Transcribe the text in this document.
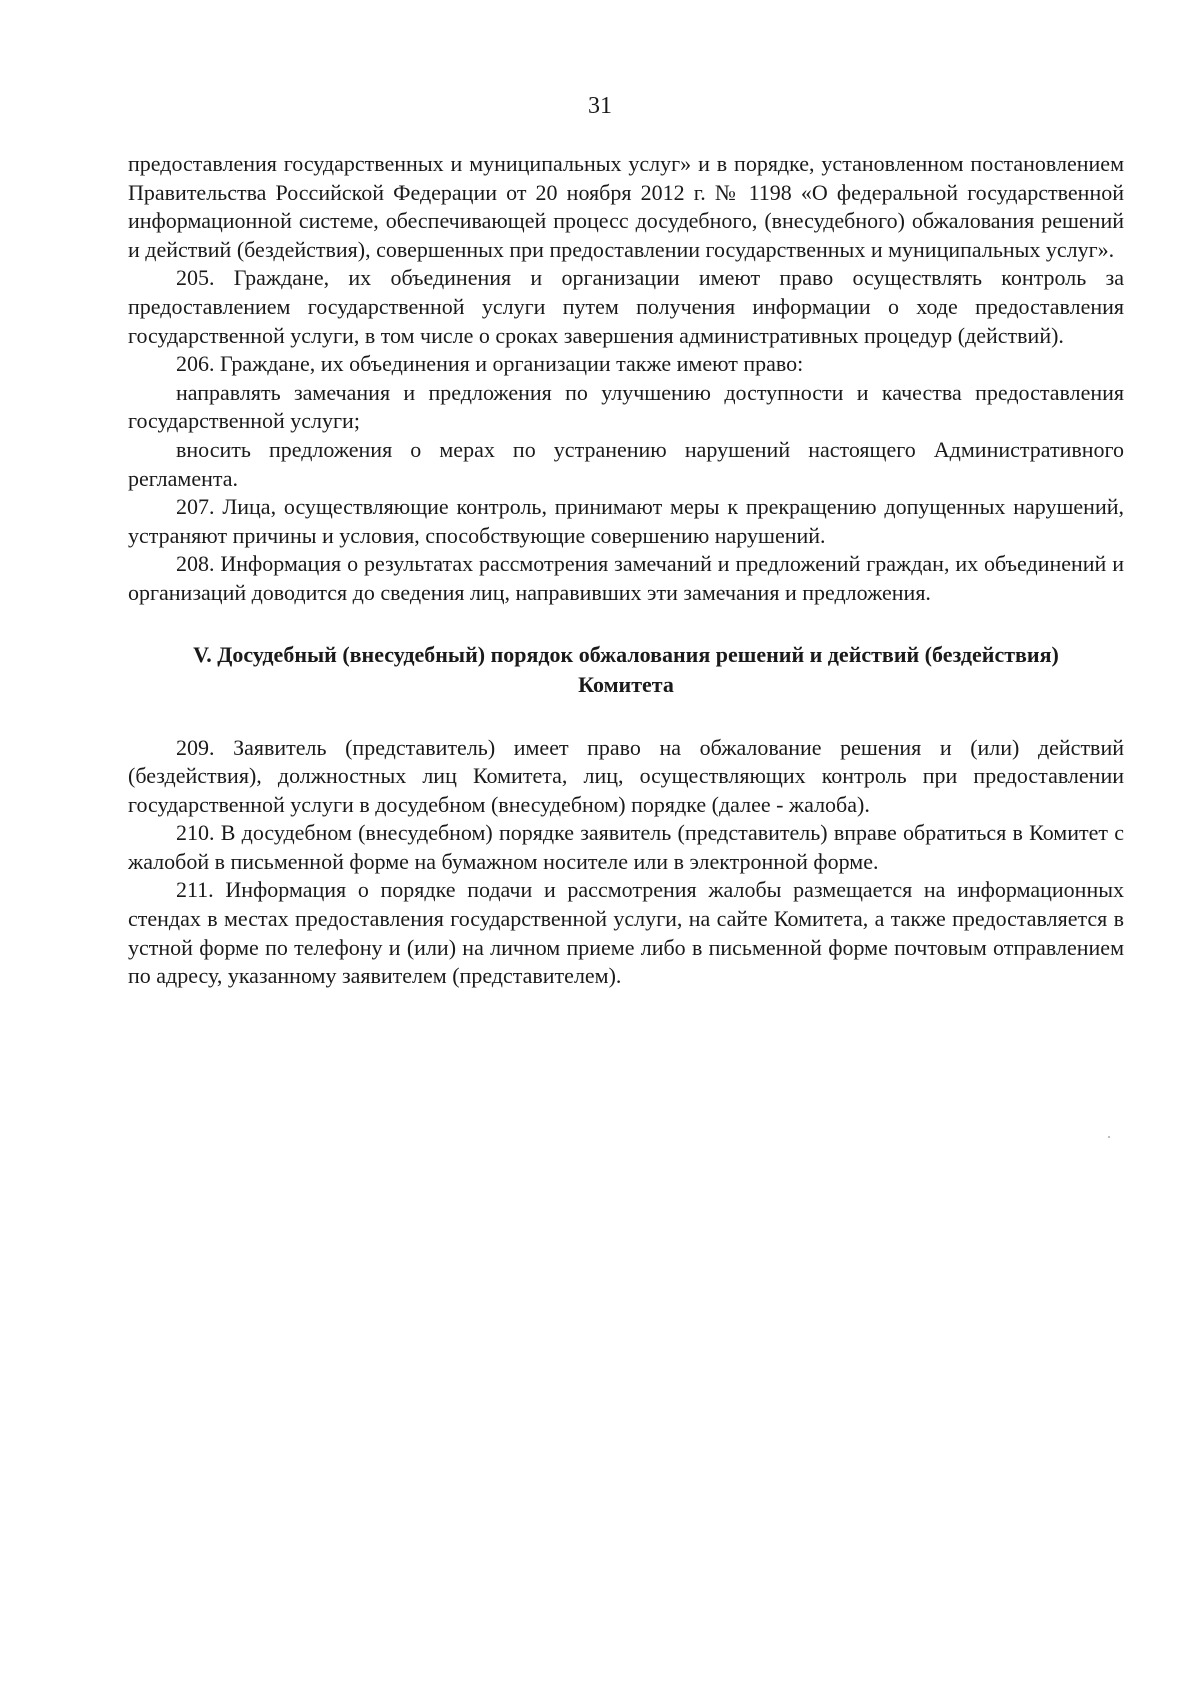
31

предоставления государственных и муниципальных услуг» и в порядке, установленном постановлением Правительства Российской Федерации от 20 ноября 2012 г. № 1198 «О федеральной государственной информационной системе, обеспечивающей процесс досудебного, (внесудебного) обжалования решений и действий (бездействия), совершенных при предоставлении государственных и муниципальных услуг».

205. Граждане, их объединения и организации имеют право осуществлять контроль за предоставлением государственной услуги путем получения информации о ходе предоставления государственной услуги, в том числе о сроках завершения административных процедур (действий).

206. Граждане, их объединения и организации также имеют право:

направлять замечания и предложения по улучшению доступности и качества предоставления государственной услуги;

вносить предложения о мерах по устранению нарушений настоящего Административного регламента.

207. Лица, осуществляющие контроль, принимают меры к прекращению допущенных нарушений, устраняют причины и условия, способствующие совершению нарушений.

208. Информация о результатах рассмотрения замечаний и предложений граждан, их объединений и организаций доводится до сведения лиц, направивших эти замечания и предложения.

V. Досудебный (внесудебный) порядок обжалования решений и действий (бездействия)
Комитета

209. Заявитель (представитель) имеет право на обжалование решения и (или) действий (бездействия), должностных лиц Комитета, лиц, осуществляющих контроль при предоставлении государственной услуги в досудебном (внесудебном) порядке (далее - жалоба).

210. В досудебном (внесудебном) порядке заявитель (представитель) вправе обратиться в Комитет с жалобой в письменной форме на бумажном носителе или в электронной форме.

211. Информация о порядке подачи и рассмотрения жалобы размещается на информационных стендах в местах предоставления государственной услуги, на сайте Комитета, а также предоставляется в устной форме по телефону и (или) на личном приеме либо в письменной форме почтовым отправлением по адресу, указанному заявителем (представителем).
